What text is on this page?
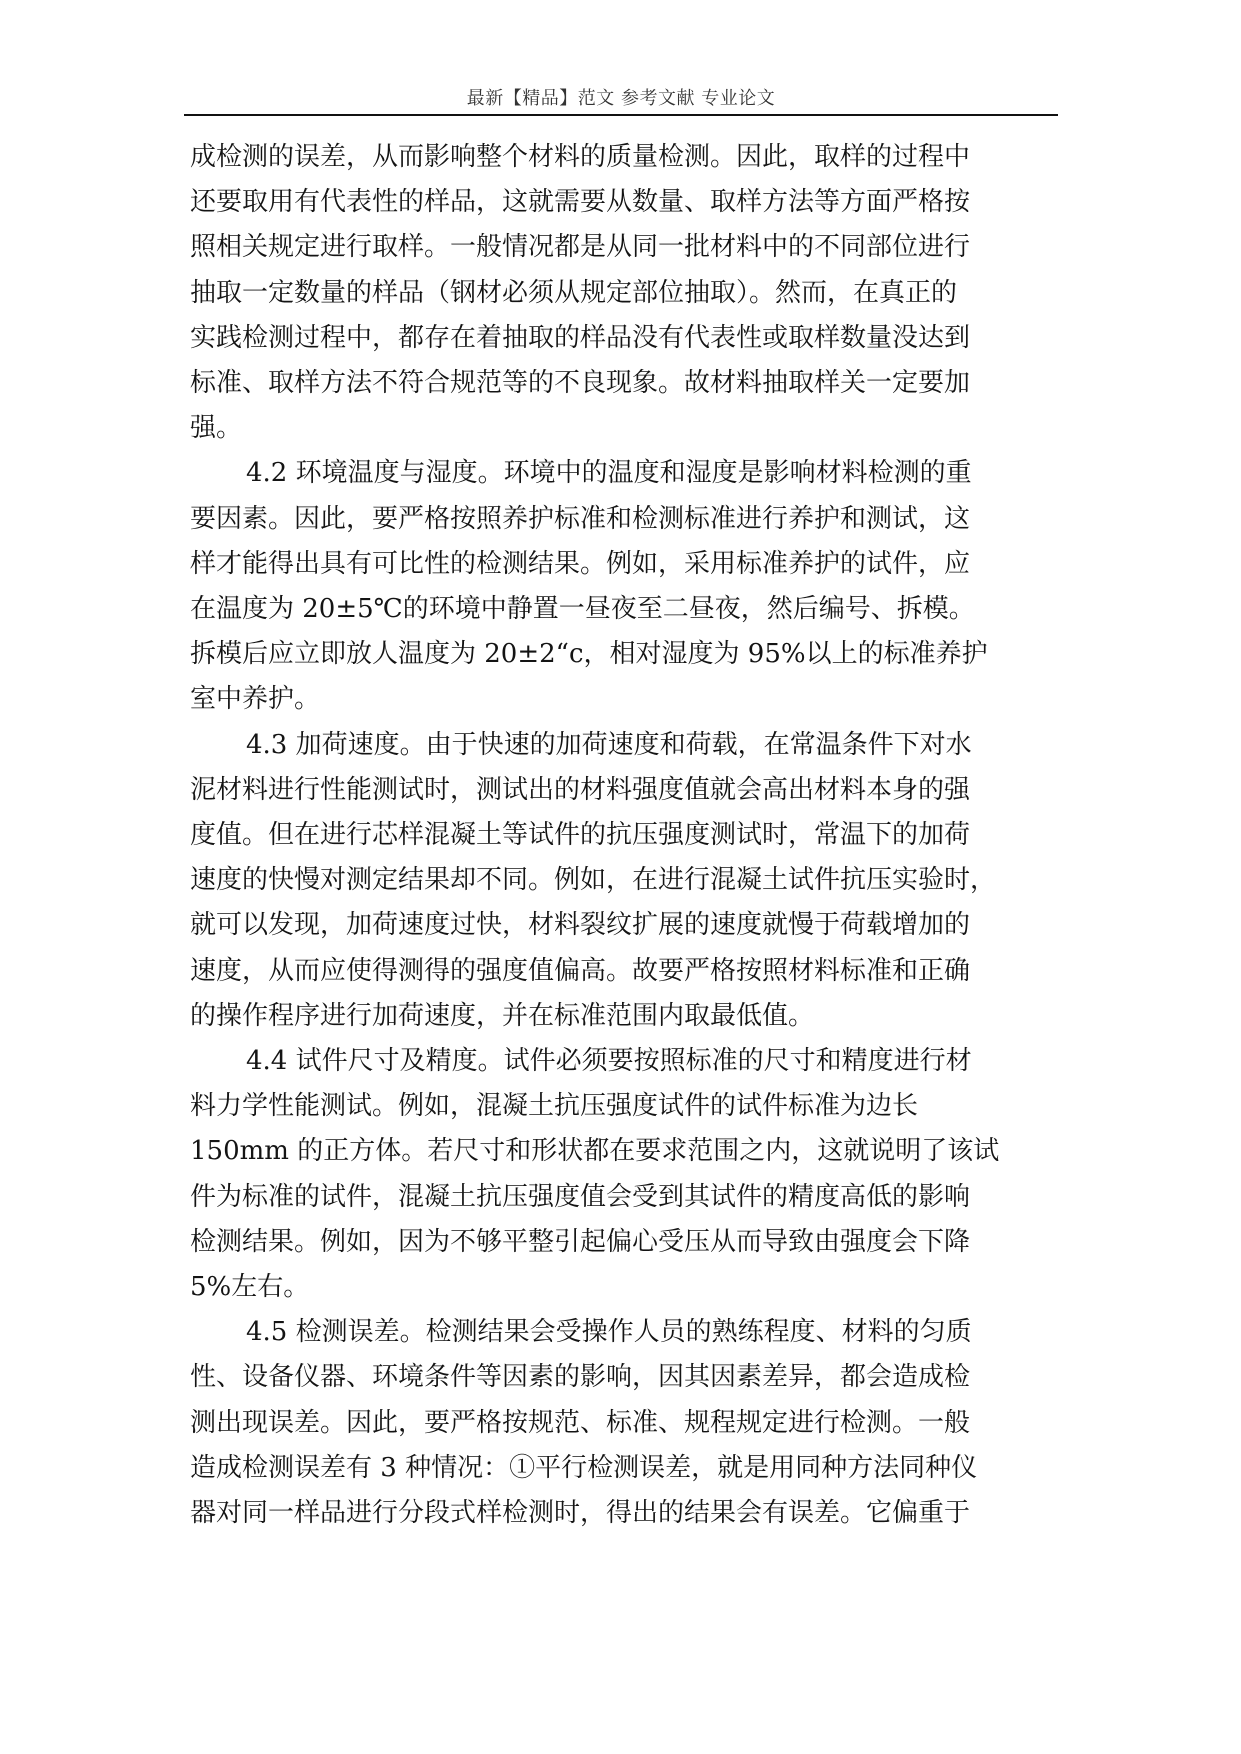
最新【精品】范文 参考文献 专业论文
成检测的误差，从而影响整个材料的质量检测。因此，取样的过程中
还要取用有代表性的样品，这就需要从数量、取样方法等方面严格按
照相关规定进行取样。一般情况都是从同一批材料中的不同部位进行
抽取一定数量的样品（钢材必须从规定部位抽取）。然而，在真正的
实践检测过程中，都存在着抽取的样品没有代表性或取样数量没达到
标准、取样方法不符合规范等的不良现象。故材料抽取样关一定要加
强。
4.2 环境温度与湿度。环境中的温度和湿度是影响材料检测的重
要因素。因此，要严格按照养护标准和检测标准进行养护和测试，这
样才能得出具有可比性的检测结果。例如，采用标准养护的试件，应
在温度为 20±5℃的环境中静置一昼夜至二昼夜，然后编号、拆模。
拆模后应立即放人温度为 20±2“c，相对湿度为 95%以上的标准养护
室中养护。
4.3 加荷速度。由于快速的加荷速度和荷载，在常温条件下对水
泥材料进行性能测试时，测试出的材料强度值就会高出材料本身的强
度值。但在进行芯样混凝土等试件的抗压强度测试时，常温下的加荷
速度的快慢对测定结果却不同。例如，在进行混凝土试件抗压实验时，
就可以发现，加荷速度过快，材料裂纹扩展的速度就慢于荷载增加的
速度，从而应使得测得的强度值偏高。故要严格按照材料标准和正确
的操作程序进行加荷速度，并在标准范围内取最低值。
4.4 试件尺寸及精度。试件必须要按照标准的尺寸和精度进行材
料力学性能测试。例如，混凝土抗压强度试件的试件标准为边长
150mm 的正方体。若尺寸和形状都在要求范围之内，这就说明了该试
件为标准的试件，混凝土抗压强度值会受到其试件的精度高低的影响
检测结果。例如，因为不够平整引起偏心受压从而导致由强度会下降
5%左右。
4.5 检测误差。检测结果会受操作人员的熟练程度、材料的匀质
性、设备仪器、环境条件等因素的影响，因其因素差异，都会造成检
测出现误差。因此，要严格按规范、标准、规程规定进行检测。一般
造成检测误差有 3 种情况：①平行检测误差，就是用同种方法同种仪
器对同一样品进行分段式样检测时，得出的结果会有误差。它偏重于
